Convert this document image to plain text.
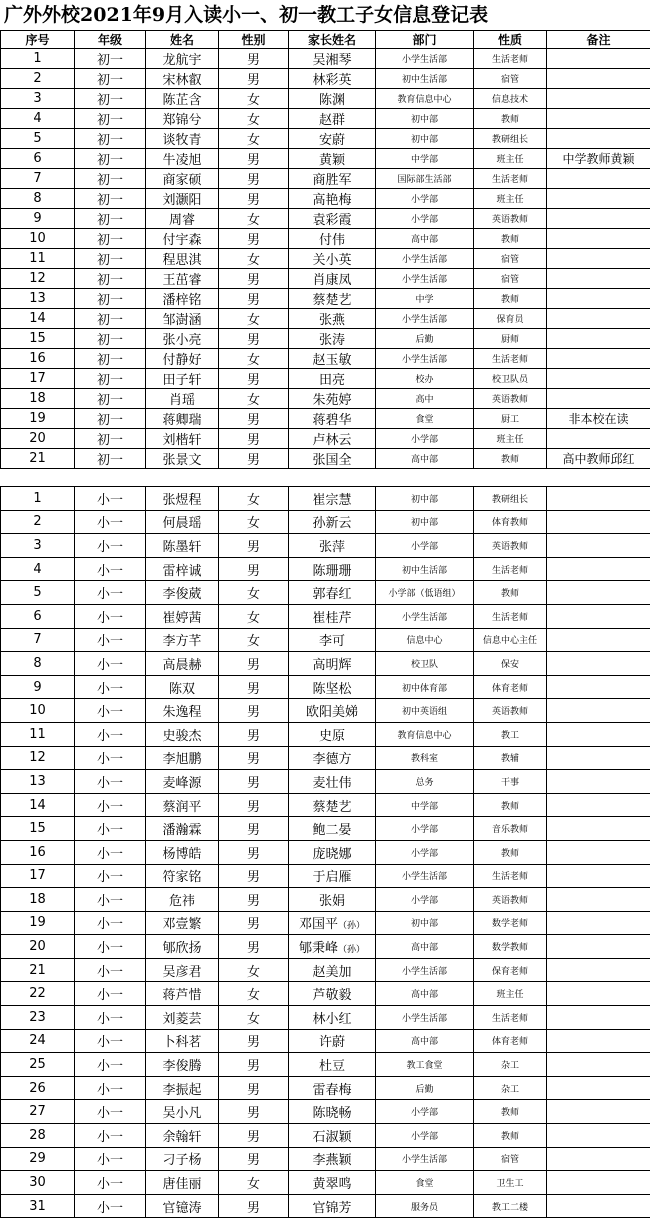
广外外校2021年9月入读小一、初一教工子女信息登记表
序号	年级	姓名	性别	家长姓名	部门	性质	备注
1	初一	龙航宇	男	吴湘琴	小学生活部	生活老师	
2	初一	宋林叡	男	林彩英	初中生活部	宿管	
3	初一	陈芷含	女	陈渊	教育信息中心	信息技术	
4	初一	郑锦兮	女	赵群	初中部	教师	
5	初一	谈牧青	女	安蔚	初中部	教研组长	
6	初一	牛凌旭	男	黄颖	中学部	班主任	中学教师黄颖
7	初一	商家硕	男	商胜军	国际部生活部	生活老师	
8	初一	刘灏阳	男	高艳梅	小学部	班主任	
9	初一	周睿	女	袁彩霞	小学部	英语教师	
10	初一	付宇森	男	付伟	高中部	教师	
11	初一	程思淇	女	关小英	小学生活部	宿管	
12	初一	王茁睿	男	肖康凤	小学生活部	宿管	
13	初一	潘梓铭	男	蔡楚艺	中学	教师	
14	初一	邹澍涵	女	张燕	小学生活部	保育员	
15	初一	张小亮	男	张涛	后勤	厨师	
16	初一	付静好	女	赵玉敏	小学生活部	生活老师	
17	初一	田子轩	男	田亮	校办	校卫队员	
18	初一	肖瑶	女	朱苑婷	高中	英语教师	
19	初一	蒋卿瑞	男	蒋碧华	食堂	厨工	非本校在读
20	初一	刘楷轩	男	卢林云	小学部	班主任	
21	初一	张景文	男	张国全	高中部	教师	高中教师邱红

1	小一	张煜程	女	崔宗慧	初中部	教研组长	
2	小一	何晨瑶	女	孙新云	初中部	体育教师	
3	小一	陈墨轩	男	张萍	小学部	英语教师	
4	小一	雷梓诚	男	陈珊珊	初中生活部	生活老师	
5	小一	李俊葳	女	郭春红	小学部（低语组）	教师	
6	小一	崔婷茜	女	崔桂芹	小学生活部	生活老师	
7	小一	李方芊	女	李可	信息中心	信息中心主任	
8	小一	高晨赫	男	高明辉	校卫队	保安	
9	小一	陈双	男	陈坚松	初中体育部	体育老师	
10	小一	朱逸程	男	欧阳美娣	初中英语组	英语教师	
11	小一	史骏杰	男	史原	教育信息中心	教工	
12	小一	李旭鹏	男	李德方	教科室	教辅	
13	小一	麦峰源	男	麦壮伟	总务	干事	
14	小一	蔡润平	男	蔡楚艺	中学部	教师	
15	小一	潘瀚霖	男	鲍二晏	小学部	音乐教师	
16	小一	杨博皓	男	庞晓娜	小学部	教师	
17	小一	符家铭	男	于启雁	小学生活部	生活老师	
18	小一	危祎	男	张娟	小学部	英语教师	
19	小一	邓壹繁	男	邓国平（孙）	初中部	数学老师	
20	小一	郇欣扬	男	郇秉峰（孙）	高中部	数学教师	
21	小一	吴彦君	女	赵美加	小学生活部	保育老师	
22	小一	蒋芦惜	女	芦敬毅	高中部	班主任	
23	小一	刘菱芸	女	林小红	小学生活部	生活老师	
24	小一	卜科茗	男	许蔚	高中部	体育老师	
25	小一	李俊腾	男	杜豆	教工食堂	杂工	
26	小一	李振起	男	雷春梅	后勤	杂工	
27	小一	吴小凡	男	陈晓畅	小学部	教师	
28	小一	余翰轩	男	石淑颖	小学部	教师	
29	小一	刁子杨	男	李燕颖	小学生活部	宿管	
30	小一	唐佳丽	女	黄翠鸣	食堂	卫生工	
31	小一	官镱涛	男	官锦芳	服务员	教工二楼	
